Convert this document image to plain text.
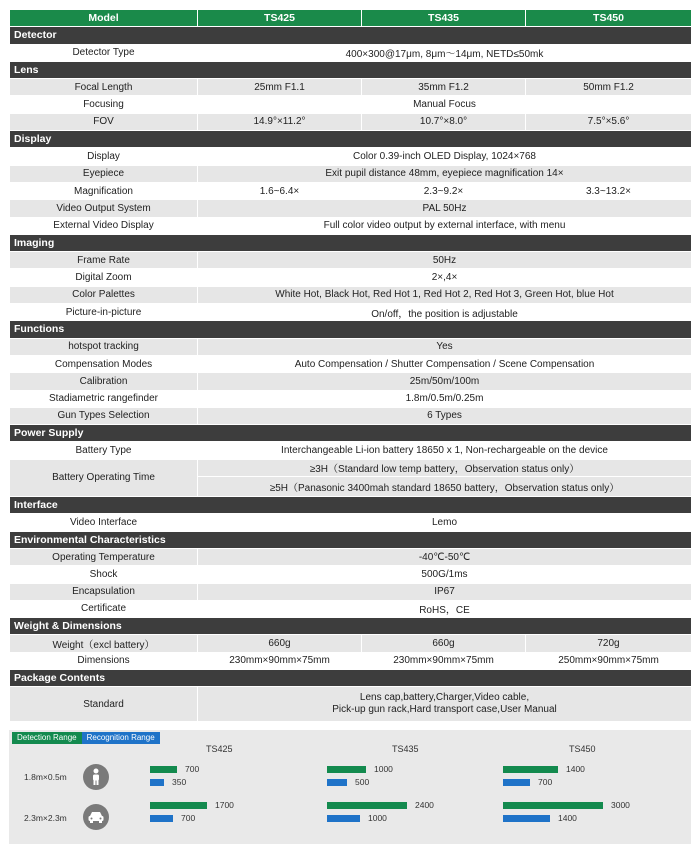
Model	TS425	TS435	TS450
Detector			
Detector Type	400×300@17μm, 8μm～14μm, NETD≤50mk		
Lens			
Focal Length	25mm F1.1	35mm F1.2	50mm F1.2
Focusing	Manual Focus		
FOV	14.9°×11.2°	10.7°×8.0°	7.5°×5.6°
Display			
Display	Color 0.39-inch OLED Display, 1024×768		
Eyepiece	Exit pupil distance 48mm, eyepiece magnification 14×		
Magnification	1.6~6.4×	2.3~9.2×	3.3~13.2×
Video Output System	PAL 50Hz		
External Video Display	Full color video output by external interface, with menu		
Imaging			
Frame Rate	50Hz		
Digital Zoom	2×,4×		
Color Palettes	White Hot, Black Hot, Red Hot 1, Red Hot 2, Red Hot 3, Green Hot, blue Hot		
Picture-in-picture	On/off，the position is adjustable		
Functions			
hotspot tracking	Yes		
Compensation Modes	Auto Compensation / Shutter Compensation / Scene Compensation		
Calibration	25m/50m/100m		
Stadiametric rangefinder	1.8m/0.5m/0.25m		
Gun Types Selection	6 Types		
Power Supply			
Battery Type	Interchangeable Li-ion battery 18650 x 1, Non-rechargeable on the device		
Battery Operating Time	≥3H（Standard low temp battery，Observation status only）		
	≥5H（Panasonic 3400mah standard 18650 battery，Observation status only）		
Interface			
Video Interface	Lemo		
Environmental Characteristics			
Operating Temperature	-40℃-50℃		
Shock	500G/1ms		
Encapsulation	IP67		
Certificate	RoHS，CE		
Weight & Dimensions			
Weight（excl battery）	660g	660g	720g
Dimensions	230mm×90mm×75mm	230mm×90mm×75mm	250mm×90mm×75mm
Package Contents			
Standard	Lens cap,battery,Charger,Video cable,
Pick-up gun rack,Hard transport case,User Manual		
Detection Range	Recognition Range
TS425	TS435	TS450
1.8m×0.5m
2.3m×2.3m
700	1000	1400
350	500	700
1700	2400	3000
700	1000	1400
